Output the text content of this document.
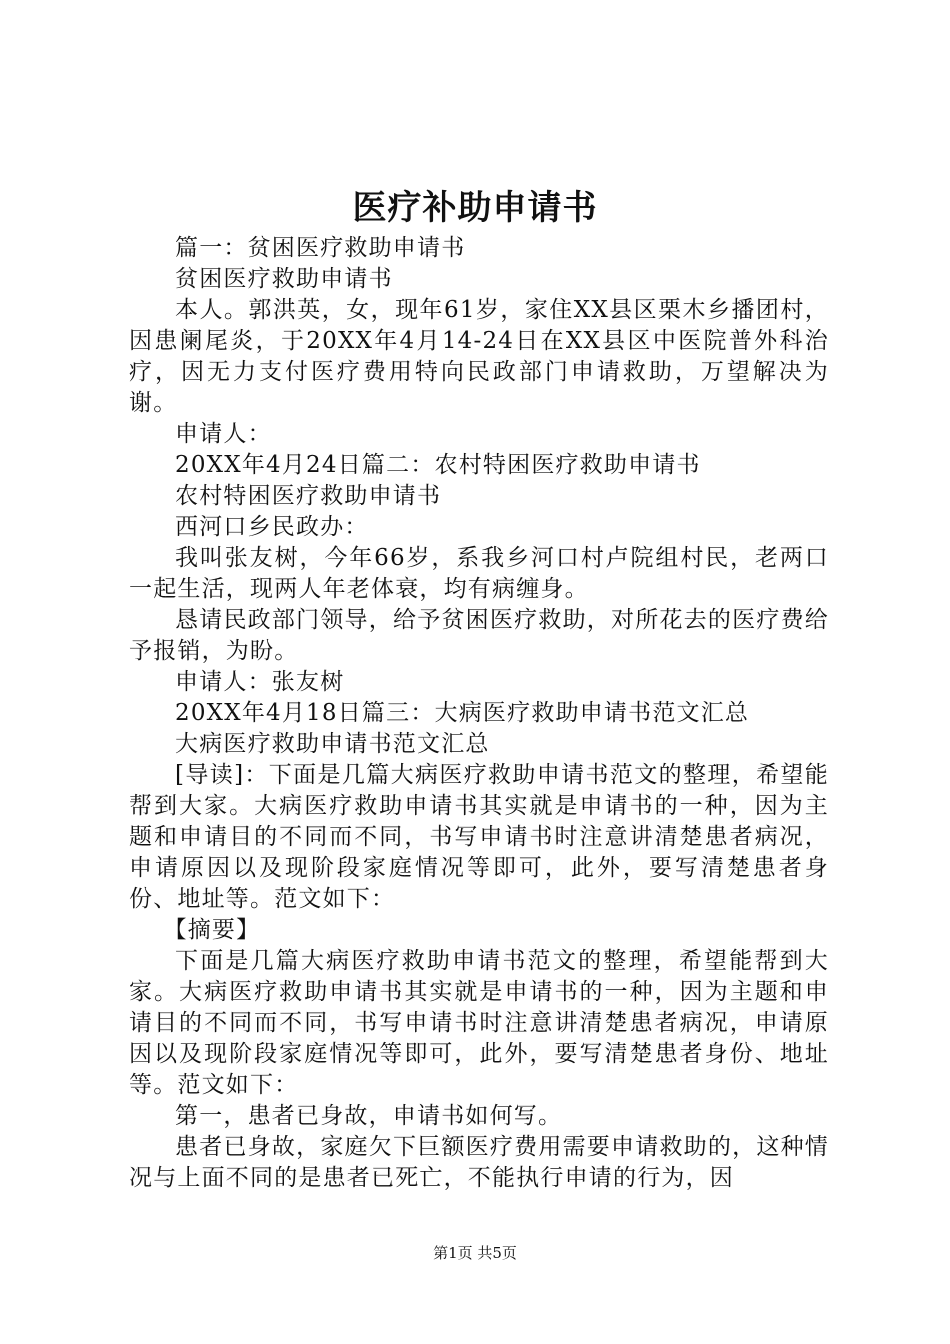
医疗补助申请书

篇一：贫困医疗救助申请书

贫困医疗救助申请书

本人。郭洪英，女，现年61岁，家住XX县区栗木乡播团村，因患阑尾炎，于20XX年4月14-24日在XX县区中医院普外科治疗，因无力支付医疗费用特向民政部门申请救助，万望解决为谢。

申请人：

20XX年4月24日篇二：农村特困医疗救助申请书

农村特困医疗救助申请书

西河口乡民政办：

我叫张友树，今年66岁，系我乡河口村卢院组村民，老两口一起生活，现两人年老体衰，均有病缠身。

恳请民政部门领导，给予贫困医疗救助，对所花去的医疗费给予报销，为盼。

申请人：张友树

20XX年4月18日篇三：大病医疗救助申请书范文汇总

大病医疗救助申请书范文汇总

[导读]：下面是几篇大病医疗救助申请书范文的整理，希望能帮到大家。大病医疗救助申请书其实就是申请书的一种，因为主题和申请目的不同而不同，书写申请书时注意讲清楚患者病况，申请原因以及现阶段家庭情况等即可，此外，要写清楚患者身份、地址等。范文如下：

【摘要】

下面是几篇大病医疗救助申请书范文的整理，希望能帮到大家。大病医疗救助申请书其实就是申请书的一种，因为主题和申请目的不同而不同，书写申请书时注意讲清楚患者病况，申请原因以及现阶段家庭情况等即可，此外，要写清楚患者身份、地址等。范文如下：

第一，患者已身故，申请书如何写。

患者已身故，家庭欠下巨额医疗费用需要申请救助的，这种情况与上面不同的是患者已死亡，不能执行申请的行为，因

第1页 共5页
